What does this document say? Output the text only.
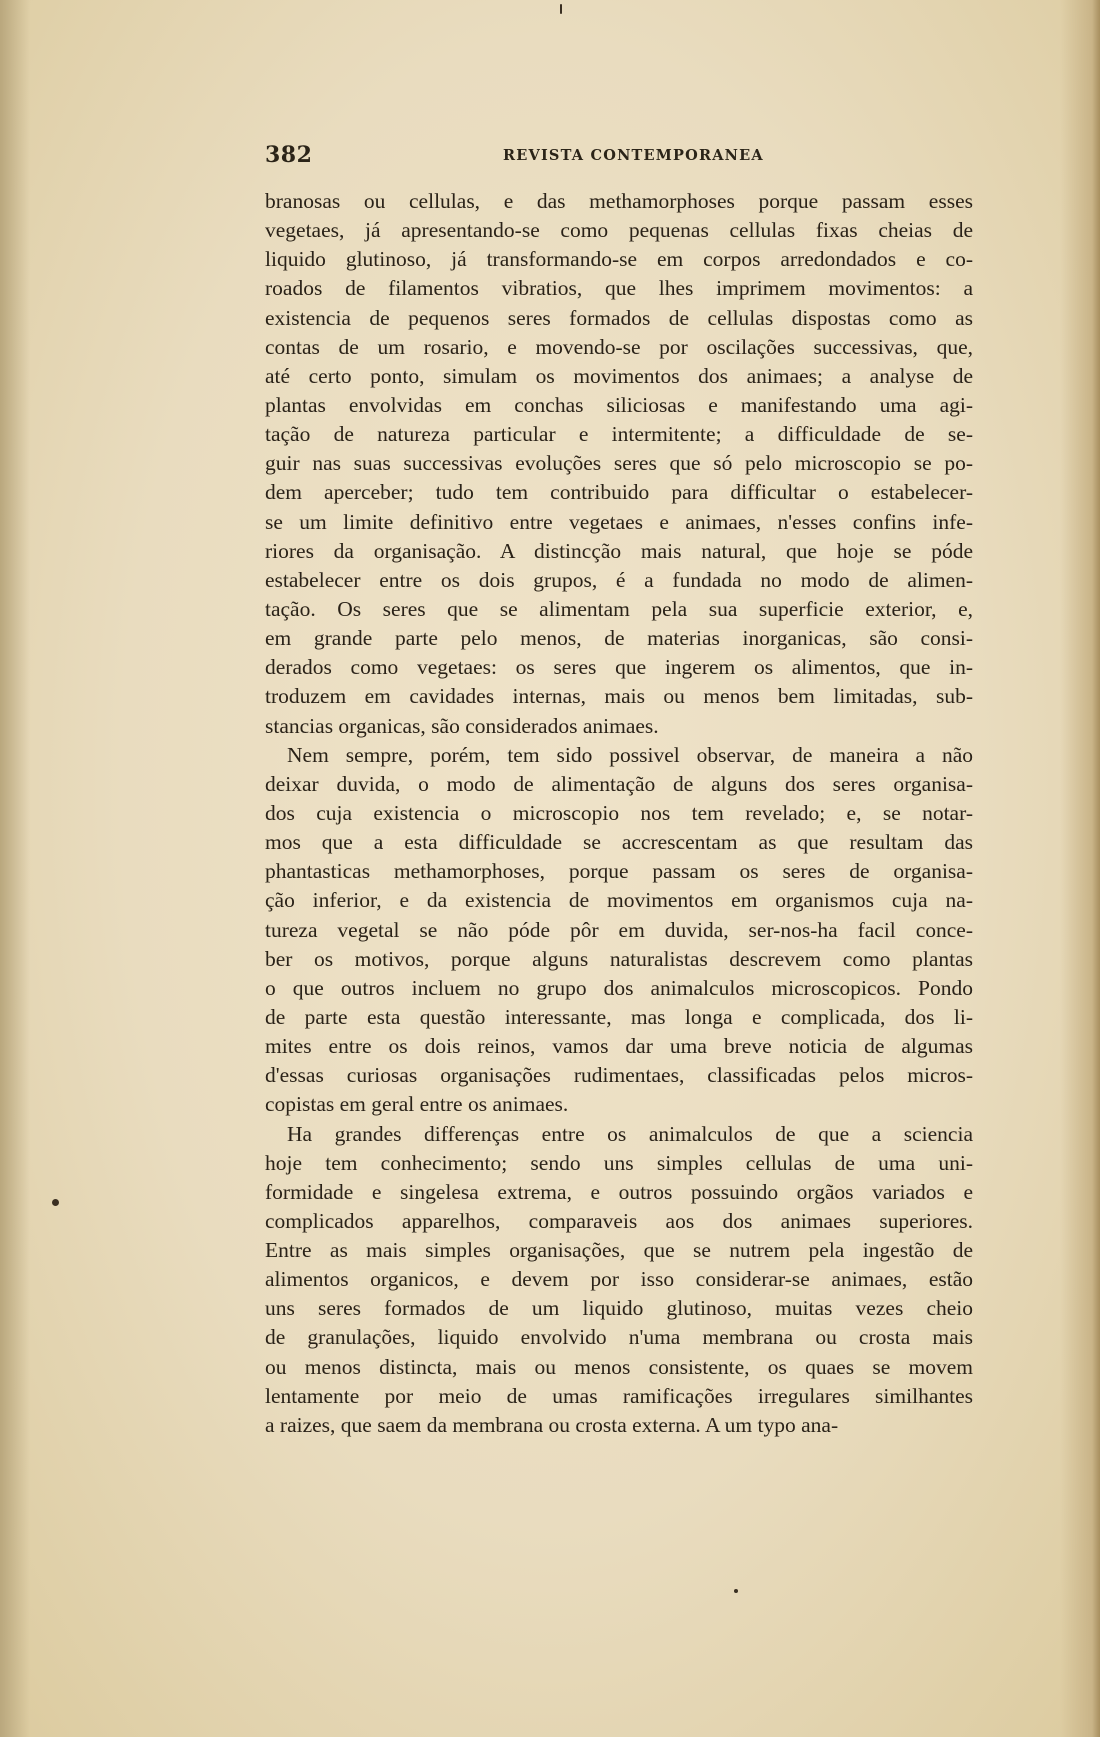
382	REVISTA CONTEMPORANEA
branosas ou cellulas, e das methamorphoses porque passam esses
vegetaes, já apresentando-se como pequenas cellulas fixas cheias de
liquido glutinoso, já transformando-se em corpos arredondados e co-
roados de filamentos vibratios, que lhes imprimem movimentos: a
existencia de pequenos seres formados de cellulas dispostas como as
contas de um rosario, e movendo-se por oscilações successivas, que,
até certo ponto, simulam os movimentos dos animaes; a analyse de
plantas envolvidas em conchas siliciosas e manifestando uma agi-
tação de natureza particular e intermitente; a difficuldade de se-
guir nas suas successivas evoluções seres que só pelo microscopio se po-
dem aperceber; tudo tem contribuido para difficultar o estabelecer-
se um limite definitivo entre vegetaes e animaes, n'esses confins infe-
riores da organisação. A distincção mais natural, que hoje se póde
estabelecer entre os dois grupos, é a fundada no modo de alimen-
tação. Os seres que se alimentam pela sua superficie exterior, e,
em grande parte pelo menos, de materias inorganicas, são consi-
derados como vegetaes: os seres que ingerem os alimentos, que in-
troduzem em cavidades internas, mais ou menos bem limitadas, sub-
stancias organicas, são considerados animaes.
Nem sempre, porém, tem sido possivel observar, de maneira a não
deixar duvida, o modo de alimentação de alguns dos seres organisa-
dos cuja existencia o microscopio nos tem revelado; e, se notar-
mos que a esta difficuldade se accrescentam as que resultam das
phantasticas methamorphoses, porque passam os seres de organisa-
ção inferior, e da existencia de movimentos em organismos cuja na-
tureza vegetal se não póde pôr em duvida, ser-nos-ha facil conce-
ber os motivos, porque alguns naturalistas descrevem como plantas
o que outros incluem no grupo dos animalculos microscopicos. Pondo
de parte esta questão interessante, mas longa e complicada, dos li-
mites entre os dois reinos, vamos dar uma breve noticia de algumas
d'essas curiosas organisações rudimentaes, classificadas pelos micros-
copistas em geral entre os animaes.
Ha grandes differenças entre os animalculos de que a sciencia
hoje tem conhecimento; sendo uns simples cellulas de uma uni-
formidade e singelesa extrema, e outros possuindo orgãos variados e
complicados apparelhos, comparaveis aos dos animaes superiores.
Entre as mais simples organisações, que se nutrem pela ingestão de
alimentos organicos, e devem por isso considerar-se animaes, estão
uns seres formados de um liquido glutinoso, muitas vezes cheio
de granulações, liquido envolvido n'uma membrana ou crosta mais
ou menos distincta, mais ou menos consistente, os quaes se movem
lentamente por meio de umas ramificações irregulares similhantes
a raizes, que saem da membrana ou crosta externa. A um typo ana-
